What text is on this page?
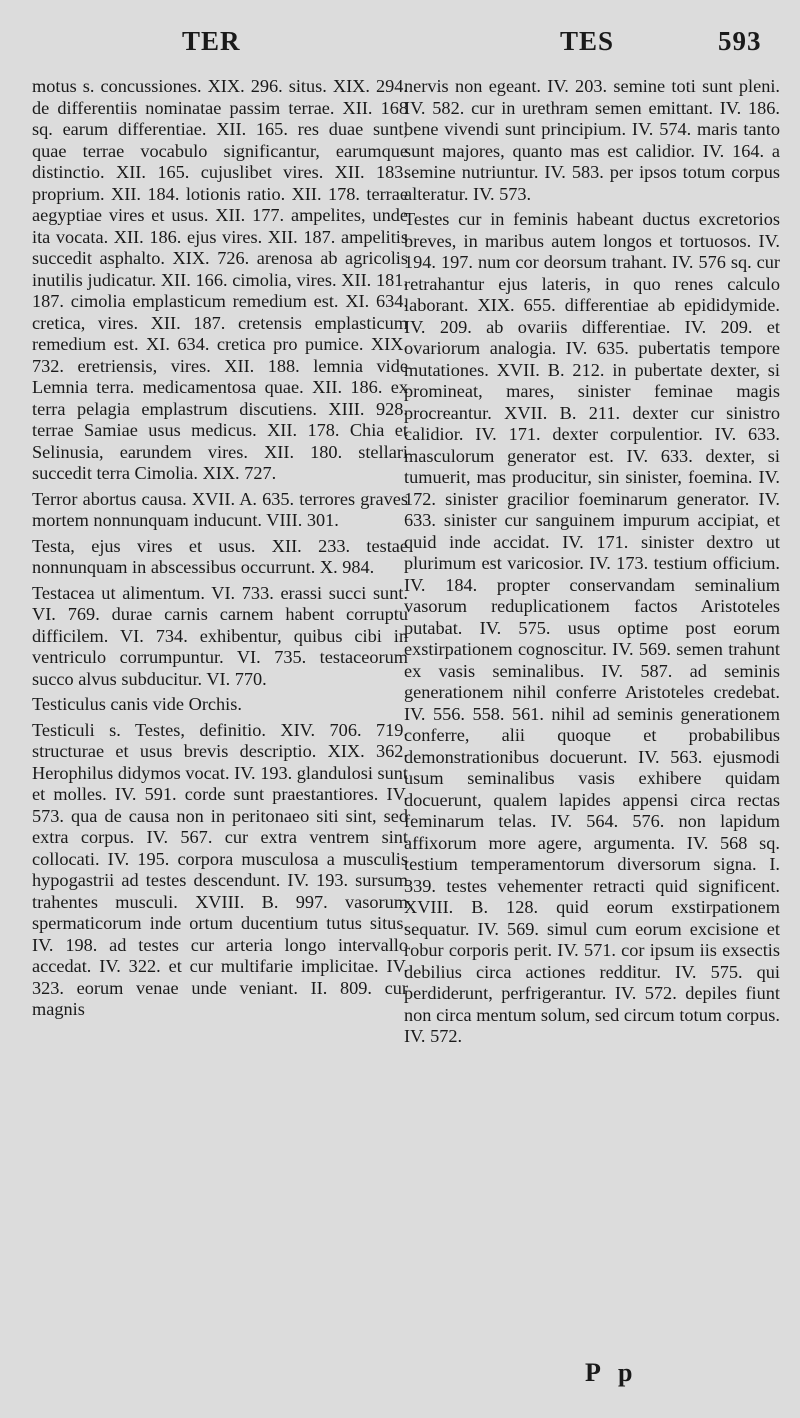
TER	TES	593

motus s. concussiones. XIX. 296. situs. XIX. 294. de differentiis nominatae passim terrae. XII. 168 sq. earum differentiae. XII. 165. res duae sunt, quae terrae vocabulo significantur, earumque distinctio. XII. 165. cujuslibet vires. XII. 183. proprium. XII. 184. lotionis ratio. XII. 178. terrae aegyptiae vires et usus. XII. 177. ampelites, unde ita vocata. XII. 186. ejus vires. XII. 187. ampelitis succedit asphalto. XIX. 726. arenosa ab agricolis inutilis judicatur. XII. 166. cimolia, vires. XII. 181. 187. cimolia emplasticum remedium est. XI. 634. cretica, vires. XII. 187. cretensis emplasticum remedium est. XI. 634. cretica pro pumice. XIX. 732. eretriensis, vires. XII. 188. lemnia vide Lemnia terra. medicamentosa quae. XII. 186. ex terra pelagia emplastrum discutiens. XIII. 928. terrae Samiae usus medicus. XII. 178. Chia et Selinusia, earundem vires. XII. 180. stellari succedit terra Cimolia. XIX. 727.

Terror abortus causa. XVII. A. 635. terrores graves mortem nonnunquam inducunt. VIII. 301.

Testa, ejus vires et usus. XII. 233. testae nonnunquam in abscessibus occurrunt. X. 984.

Testacea ut alimentum. VI. 733. erassi succi sunt. VI. 769. durae carnis carnem habent corruptu difficilem. VI. 734. exhibentur, quibus cibi in ventriculo corrumpuntur. VI. 735. testaceorum succo alvus subducitur. VI. 770.

Testiculus canis vide Orchis.

Testiculi s. Testes, definitio. XIV. 706. 719. structurae et usus brevis descriptio. XIX. 362. Herophilus didymos vocat. IV. 193. glandulosi sunt et molles. IV. 591. corde sunt praestantiores. IV. 573. qua de causa non in peritonaeo siti sint, sed extra corpus. IV. 567. cur extra ventrem sint collocati. IV. 195. corpora musculosa a musculis hypogastrii ad testes descendunt. IV. 193. sursum trahentes musculi. XVIII. B. 997. vasorum spermaticorum inde ortum ducentium tutus situs. IV. 198. ad testes cur arteria longo intervallo accedat. IV. 322. et cur multifarie implicitae. IV. 323. eorum venae unde veniant. II. 809. cur magnis

nervis non egeant. IV. 203. semine toti sunt pleni. IV. 582. cur in urethram semen emittant. IV. 186. bene vivendi sunt principium. IV. 574. maris tanto sunt majores, quanto mas est calidior. IV. 164. a semine nutriuntur. IV. 583. per ipsos totum corpus alteratur. IV. 573.

Testes cur in feminis habeant ductus excretorios breves, in maribus autem longos et tortuosos. IV. 194. 197. num cor deorsum trahant. IV. 576 sq. cur retrahantur ejus lateris, in quo renes calculo laborant. XIX. 655. differentiae ab epididymide. IV. 209. ab ovariis differentiae. IV. 209. et ovariorum analogia. IV. 635. pubertatis tempore mutationes. XVII. B. 212. in pubertate dexter, si promineat, mares, sinister feminae magis procreantur. XVII. B. 211. dexter cur sinistro calidior. IV. 171. dexter corpulentior. IV. 633. masculorum generator est. IV. 633. dexter, si tumuerit, mas producitur, sin sinister, foemina. IV. 172. sinister gracilior foeminarum generator. IV. 633. sinister cur sanguinem impurum accipiat, et quid inde accidat. IV. 171. sinister dextro ut plurimum est varicosior. IV. 173. testium officium. IV. 184. propter conservandam seminalium vasorum reduplicationem factos Aristoteles putabat. IV. 575. usus optime post eorum exstirpationem cognoscitur. IV. 569. semen trahunt ex vasis seminalibus. IV. 587. ad seminis generationem nihil conferre Aristoteles credebat. IV. 556. 558. 561. nihil ad seminis generationem conferre, alii quoque et probabilibus demonstrationibus docuerunt. IV. 563. ejusmodi usum seminalibus vasis exhibere quidam docuerunt, qualem lapides appensi circa rectas feminarum telas. IV. 564. 576. non lapidum affixorum more agere, argumenta. IV. 568 sq. testium temperamentorum diversorum signa. I. 339. testes vehementer retracti quid significent. XVIII. B. 128. quid eorum exstirpationem sequatur. IV. 569. simul cum eorum excisione et robur corporis perit. IV. 571. cor ipsum iis exsectis debilius circa actiones redditur. IV. 575. qui perdiderunt, perfrigerantur. IV. 572. depiles fiunt non circa mentum solum, sed circum totum corpus. IV. 572.

P p
